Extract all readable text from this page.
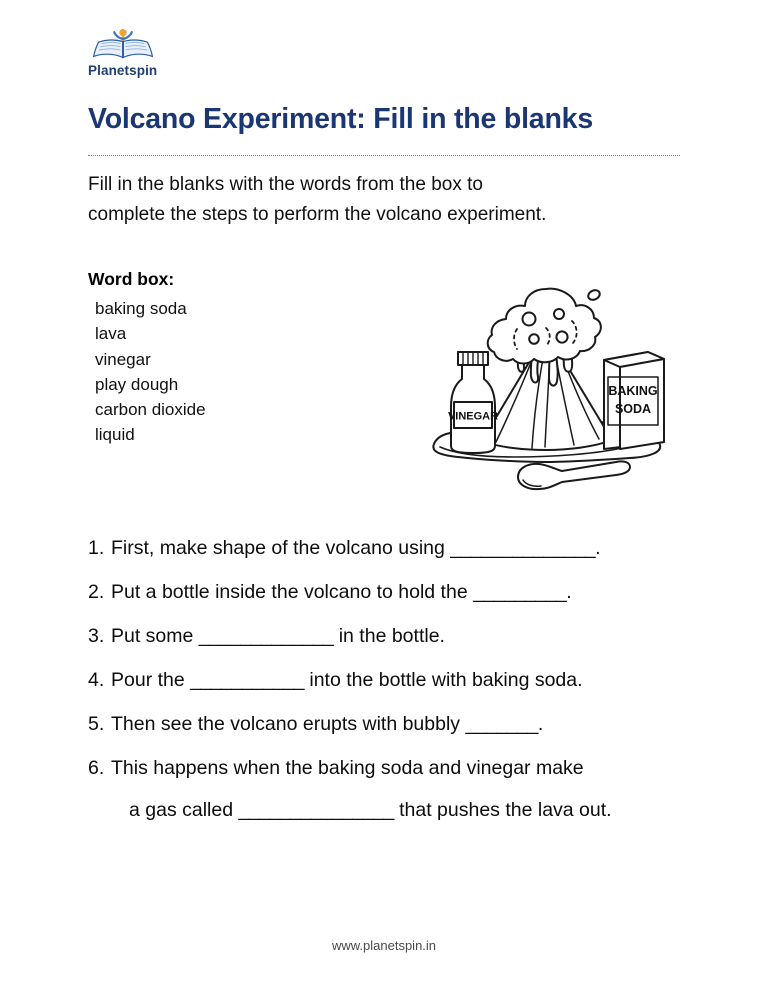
Planetspin
Volcano Experiment: Fill in the blanks
Fill in the blanks with the words from the box to
complete the steps to perform the volcano experiment.
Word box:
baking soda
lava
vinegar
play dough
carbon dioxide
liquid
VINEGAR
BAKING
SODA
1. First, make shape of the volcano using ______________.
2. Put a bottle inside the volcano to hold the _________.
3. Put some _____________ in the bottle.
4. Pour the ___________ into the bottle with baking soda.
5. Then see the volcano erupts with bubbly _______.
6. This happens when the baking soda and vinegar make
a gas called _______________ that pushes the lava out.
www.planetspin.in
